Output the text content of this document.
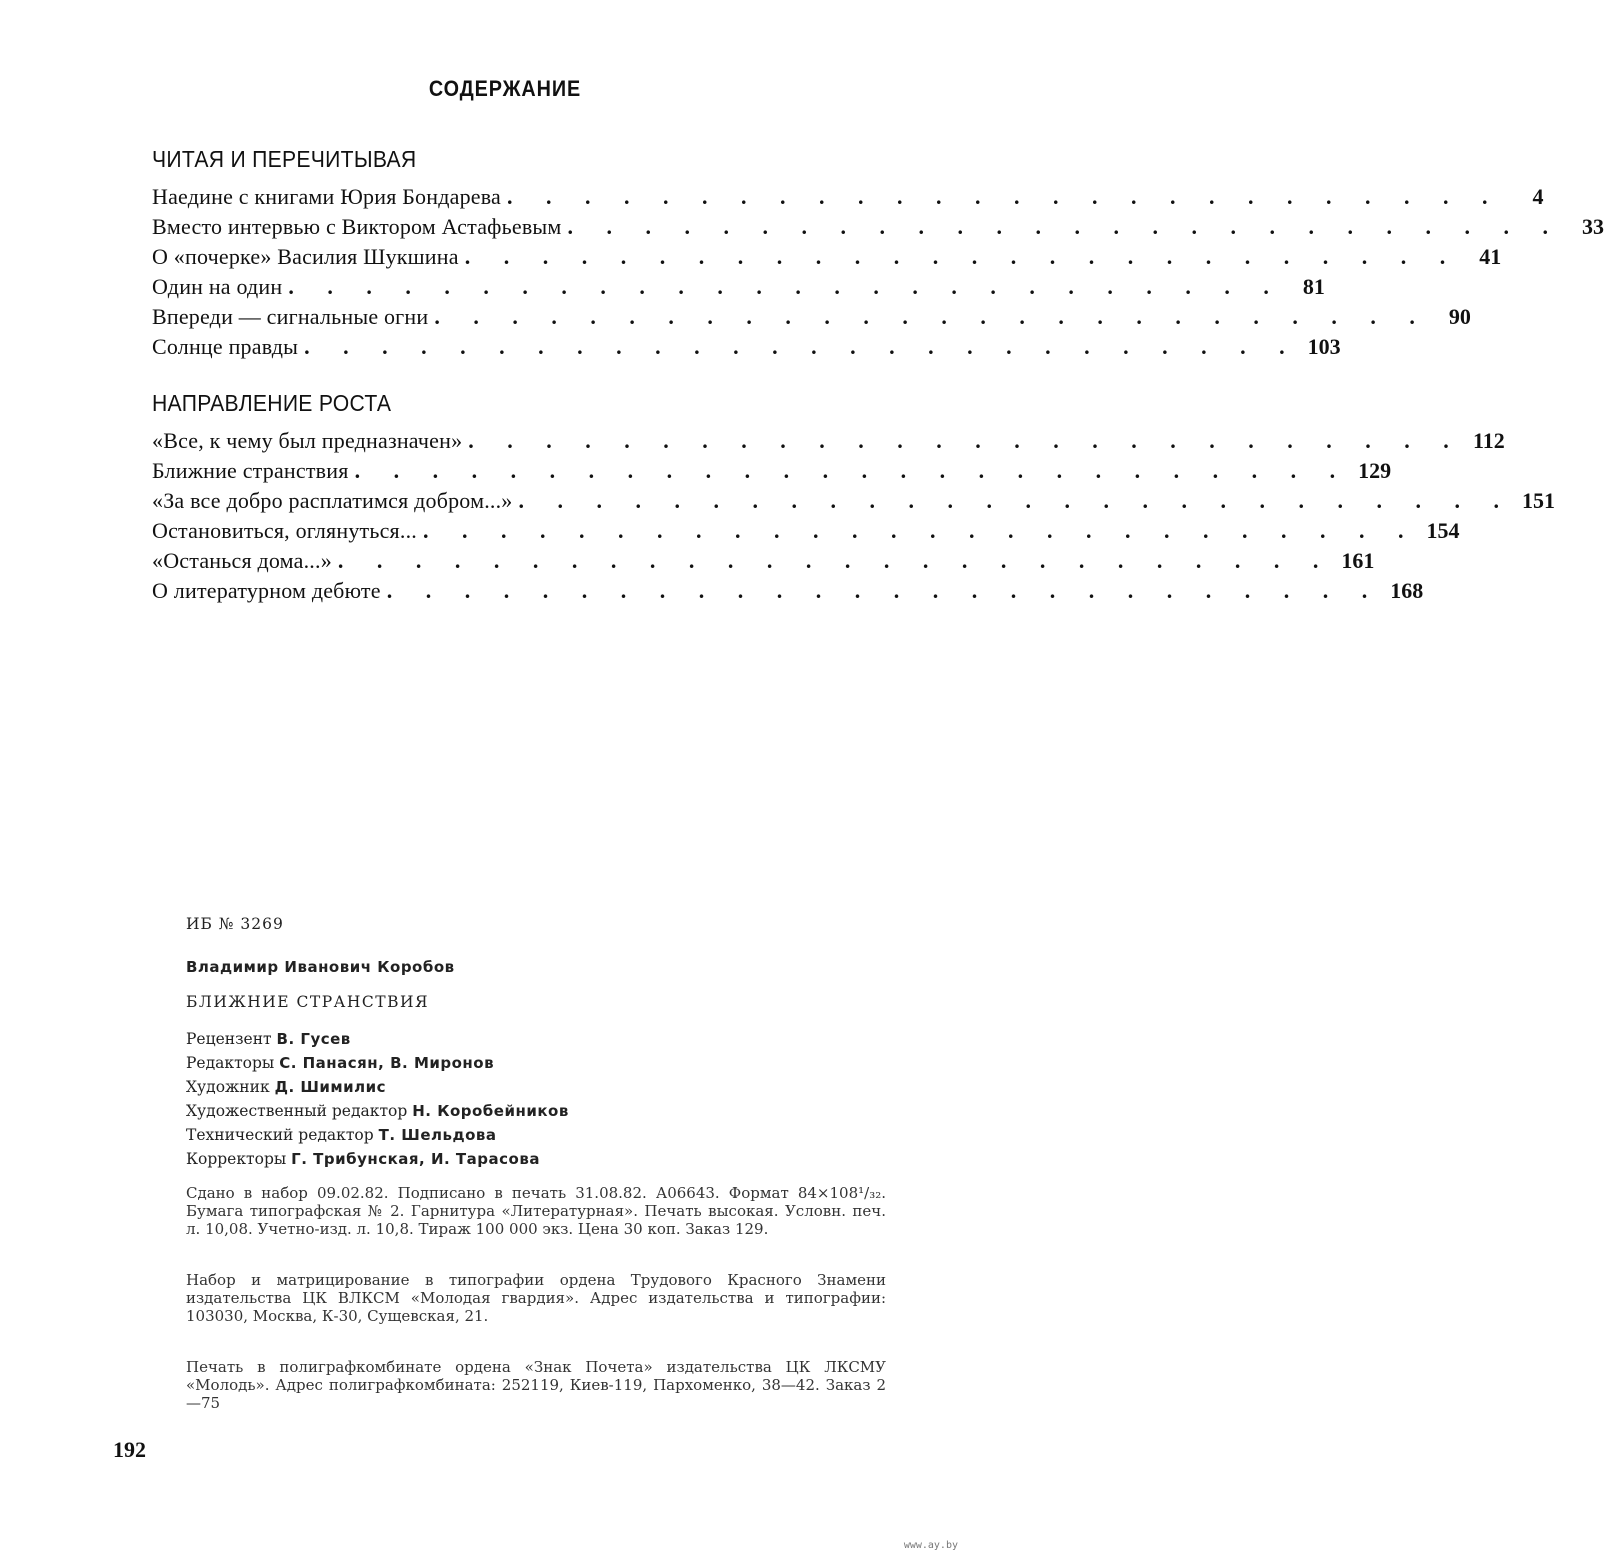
СОДЕРЖАНИЕ
ЧИТАЯ И ПЕРЕЧИТЫВАЯ
Наедине с книгами Юрия Бондарева . . . . . . . . . . . . . . . . . . . . . . . . . .	4
Вместо интервью с Виктором Астафьевым . . . . . . . . . . . . . . . . . . . . . . . . . . 33
О «почерке» Василия Шукшина . . . . . . . . . . . . . . . . . . . . . . . . . . 41
Один на один . . . . . . . . . . . . . . . . . . . . . . . . . . 81
Впереди — сигнальные огни . . . . . . . . . . . . . . . . . . . . . . . . . . 90
Солнце правды . . . . . . . . . . . . . . . . . . . . . . . . . . 103
НАПРАВЛЕНИЕ РОСТА
«Все, к чему был предназначен» . . . . . . . . . . . . . . . . . . . . . . . . . . 112
Ближние странствия . . . . . . . . . . . . . . . . . . . . . . . . . . 129
«За все добро расплатимся добром...» . . . . . . . . . . . . . . . . . . . . . . . . . . 151
Остановиться, оглянуться... . . . . . . . . . . . . . . . . . . . . . . . . . . 154
«Останься дома...» . . . . . . . . . . . . . . . . . . . . . . . . . . 161
О литературном дебюте . . . . . . . . . . . . . . . . . . . . . . . . . . 168
ИБ № 3269
Владимир Иванович Коробов
БЛИЖНИЕ СТРАНСТВИЯ
Рецензент В. Гусев
Редакторы С. Панасян, В. Миронов
Художник Д. Шимилис
Художественный редактор Н. Коробейников
Технический редактор Т. Шельдова
Корректоры Г. Трибунская, И. Тарасова
Сдано в набор 09.02.82. Подписано в печать 31.08.82. А06643. Формат 84×108¹/₃₂. Бумага типографская № 2. Гарнитура «Литературная». Печать высокая. Условн. печ. л. 10,08. Учетно-изд. л. 10,8. Тираж 100 000 экз. Цена 30 коп. Заказ 129.
Набор и матрицирование в типографии ордена Трудового Красного Знамени издательства ЦК ВЛКСМ «Молодая гвардия». Адрес издательства и типографии: 103030, Москва, К-30, Сущевская, 21.
Печать в полиграфкомбинате ордена «Знак Почета» издательства ЦК ЛКСМУ «Молодь». Адрес полиграфкомбината: 252119, Киев-119, Пархоменко, 38—42. Заказ 2—75
192
www.ay.by
